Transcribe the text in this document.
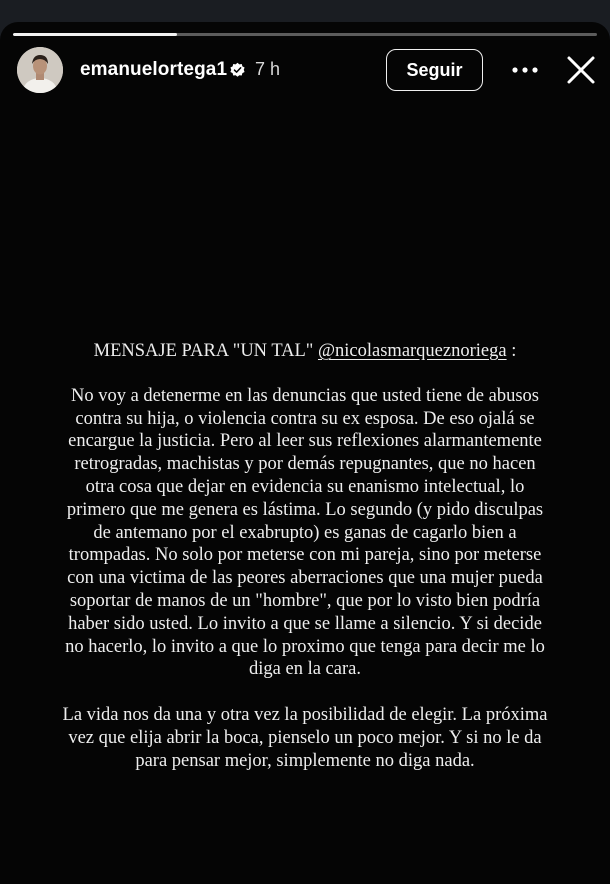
emanuelortega1 7 h	Seguir

MENSAJE PARA "UN TAL" @nicolasmarqueznoriega :

No voy a detenerme en las denuncias que usted tiene de abusos
contra su hija, o violencia contra su ex esposa. De eso ojalá se
encargue la justicia. Pero al leer sus reflexiones alarmantemente
retrogradas, machistas y por demás repugnantes, que no hacen
otra cosa que dejar en evidencia su enanismo intelectual, lo
primero que me genera es lástima. Lo segundo (y pido disculpas
de antemano por el exabrupto) es ganas de cagarlo bien a
trompadas. No solo por meterse con mi pareja, sino por meterse
con una victima de las peores aberraciones que una mujer pueda
soportar de manos de un "hombre", que por lo visto bien podría
haber sido usted. Lo invito a que se llame a silencio. Y si decide
no hacerlo, lo invito a que lo proximo que tenga para decir me lo
diga en la cara.

La vida nos da una y otra vez la posibilidad de elegir. La próxima
vez que elija abrir la boca, pienselo un poco mejor. Y si no le da
para pensar mejor, simplemente no diga nada.
